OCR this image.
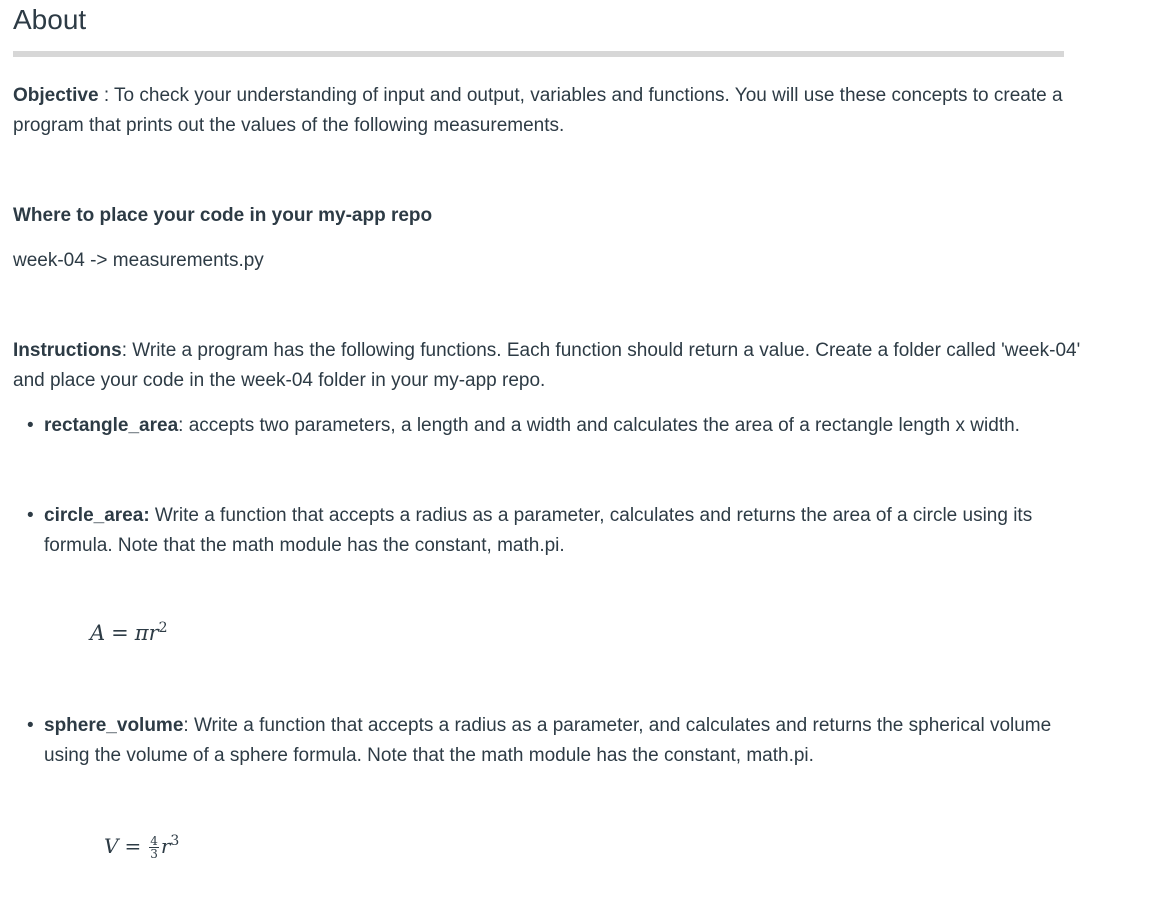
About

Objective : To check your understanding of input and output, variables and functions. You will use these concepts to create a program that prints out the values of the following measurements.

Where to place your code in your my-app repo

week-04 -> measurements.py

Instructions: Write a program has the following functions. Each function should return a value. Create a folder called 'week-04' and place your code in the week-04 folder in your my-app repo.

• rectangle_area: accepts two parameters, a length and a width and calculates the area of a rectangle length x width.
• circle_area: Write a function that accepts a radius as a parameter, calculates and returns the area of a circle using its formula. Note that the math module has the constant, math.pi.
• sphere_volume: Write a function that accepts a radius as a parameter, and calculates and returns the spherical volume using the volume of a sphere formula. Note that the math module has the constant, math.pi.
$A = \pi r^2$
$V = \frac{4}{3} r^3$
